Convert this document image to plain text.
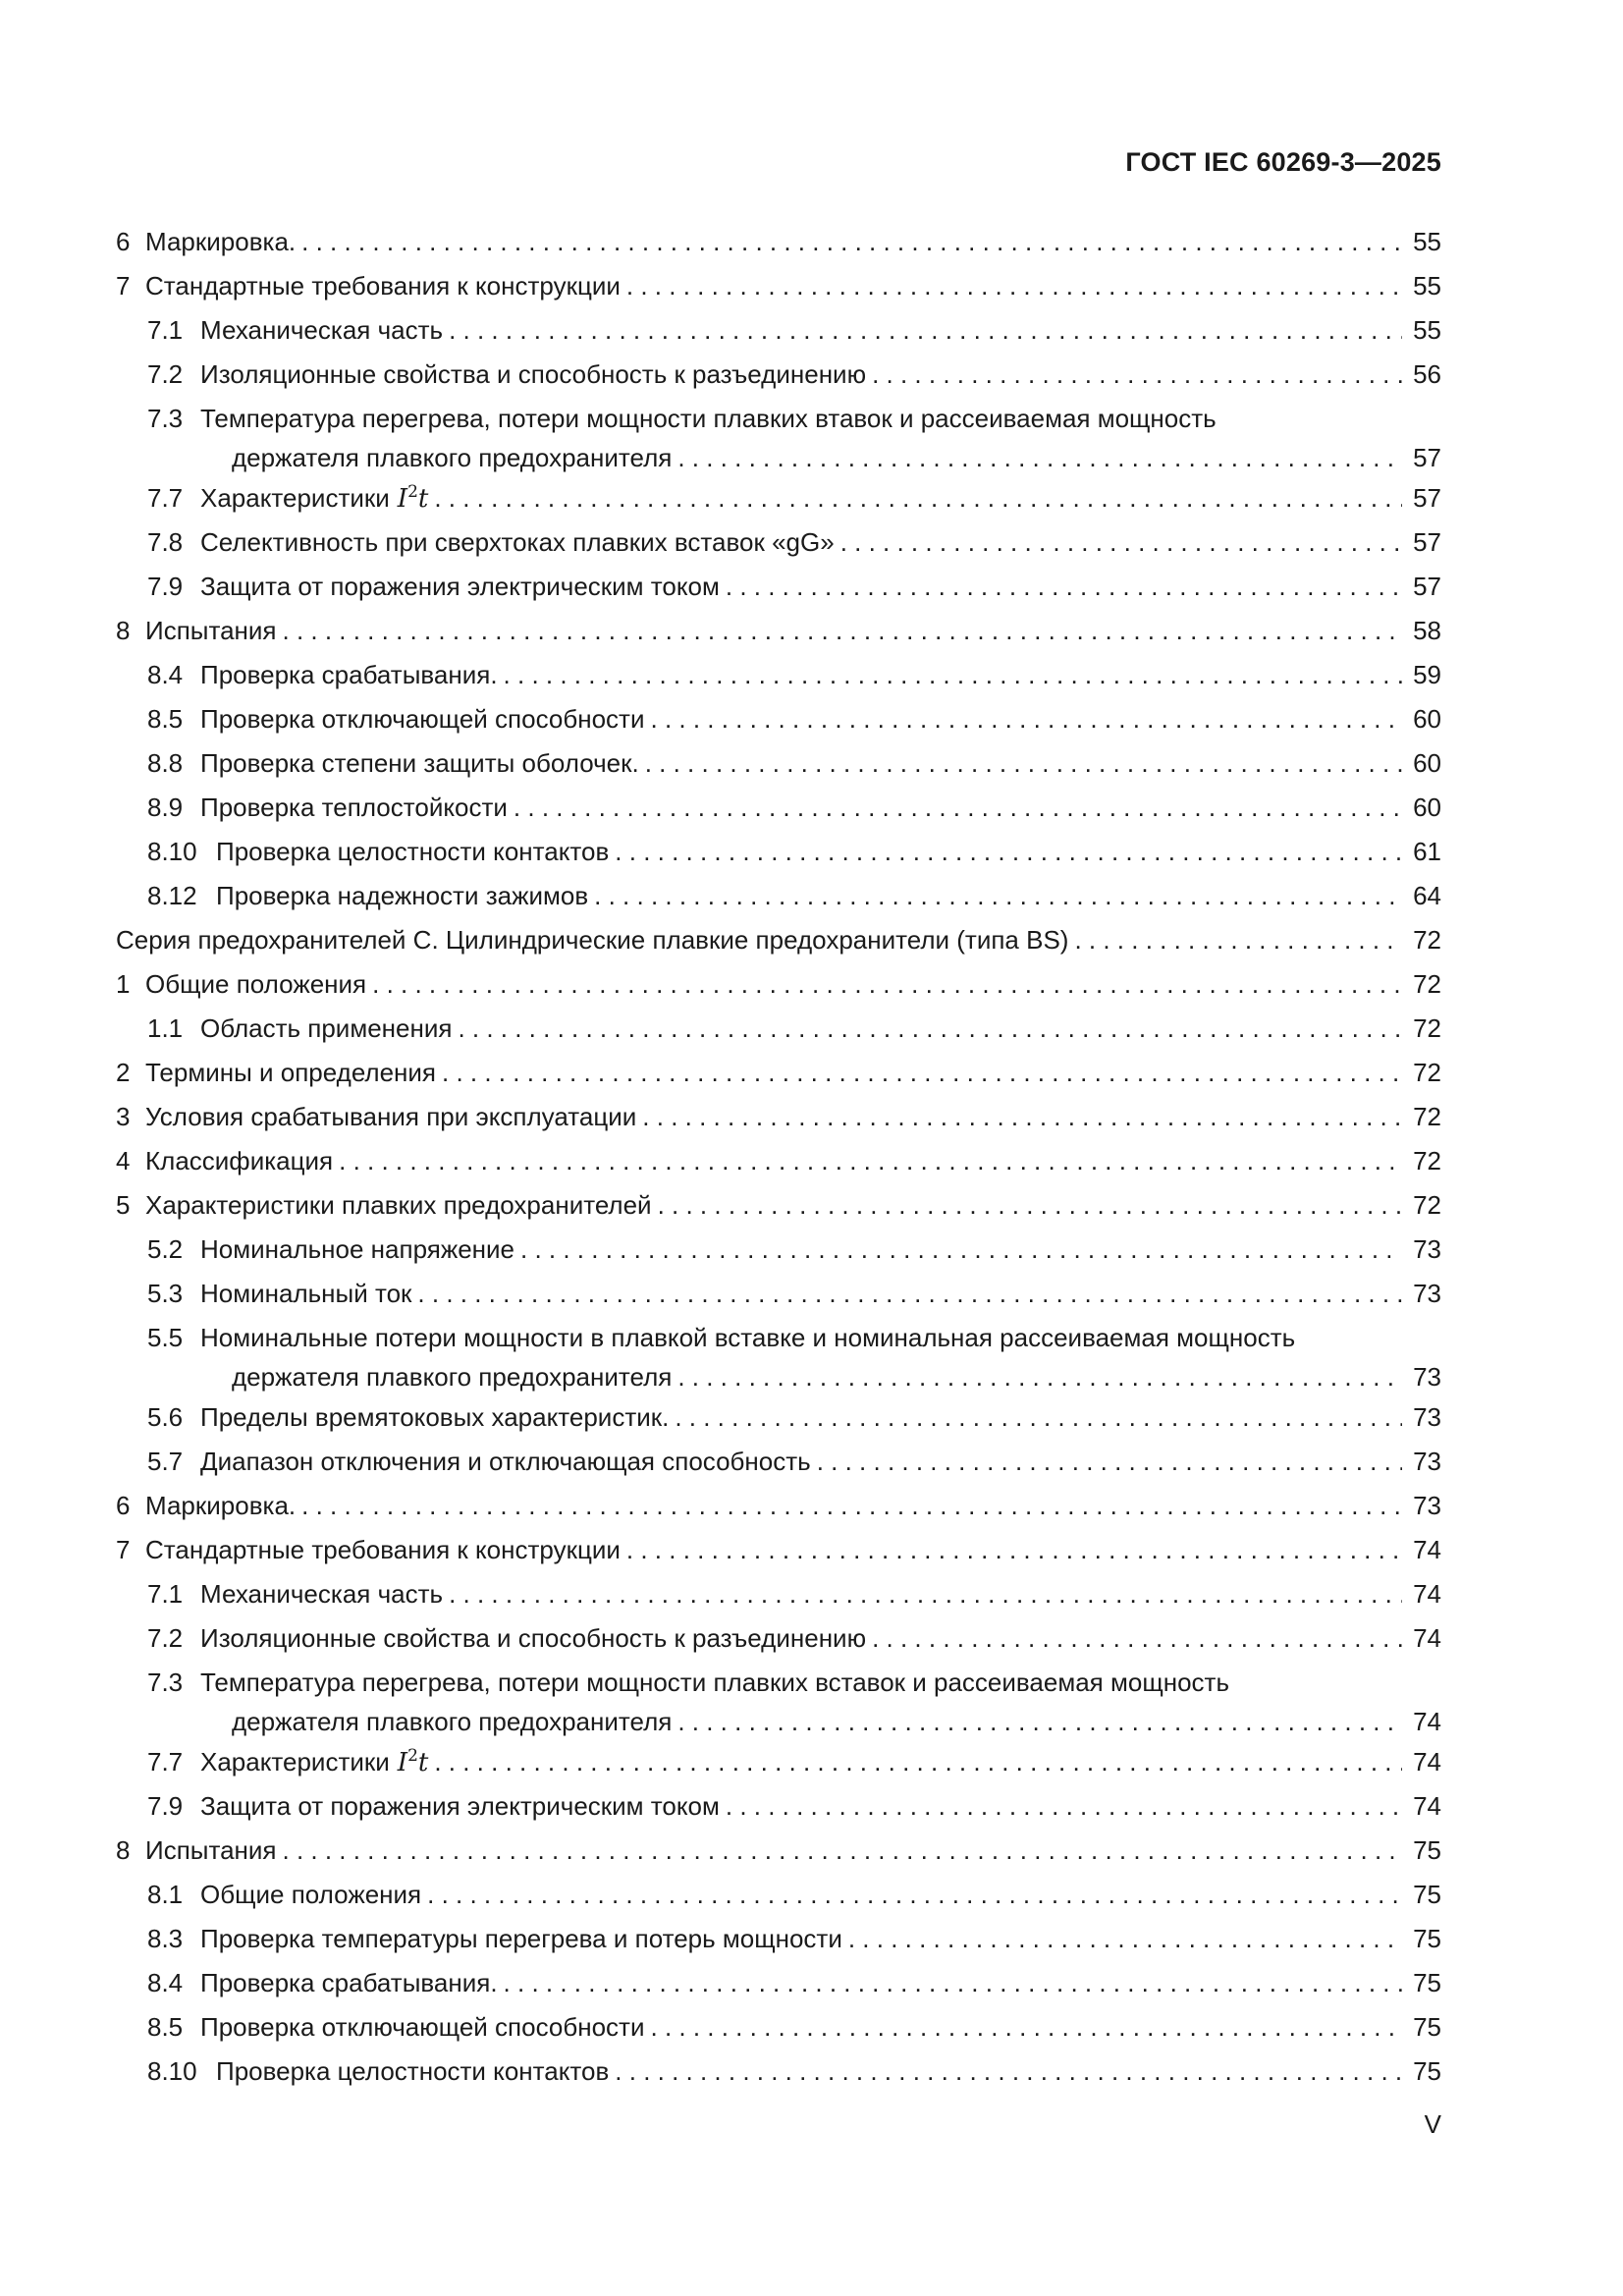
ГОСТ IEC 60269-3—2025
6 Маркировка. . . .	55
7 Стандартные требования к конструкции . . .	55
7.1 Механическая часть . . .	55
7.2 Изоляционные свойства и способность к разъединению . . .	56
7.3 Температура перегрева, потери мощности плавких втавок и рассеиваемая мощность
держателя плавкого предохранителя . . .	57
7.7 Характеристики $I^2t$ . . .	57
7.8 Селективность при сверхтоках плавких вставок «gG» . . .	57
7.9 Защита от поражения электрическим током . . .	57
8 Испытания . . .	58
8.4 Проверка срабатывания. . . .	59
8.5 Проверка отключающей способности . . .	60
8.8 Проверка степени защиты оболочек. . . .	60
8.9 Проверка теплостойкости . . .	60
8.10 Проверка целостности контактов . . .	61
8.12 Проверка надежности зажимов . . .	64
Серия предохранителей С. Цилиндрические плавкие предохранители (типа BS) . . .	72
1 Общие положения . . .	72
1.1 Область применения . . .	72
2 Термины и определения . . .	72
3 Условия срабатывания при эксплуатации . . .	72
4 Классификация . . .	72
5 Характеристики плавких предохранителей . . .	72
5.2 Номинальное напряжение . . .	73
5.3 Номинальный ток . . .	73
5.5 Номинальные потери мощности в плавкой вставке и номинальная рассеиваемая мощность
держателя плавкого предохранителя . . .	73
5.6 Пределы времятоковых характеристик. . . .	73
5.7 Диапазон отключения и отключающая способность . . .	73
6 Маркировка. . . .	73
7 Стандартные требования к конструкции . . .	74
7.1 Механическая часть . . .	74
7.2 Изоляционные свойства и способность к разъединению . . .	74
7.3 Температура перегрева, потери мощности плавких вставок и рассеиваемая мощность
держателя плавкого предохранителя . . .	74
7.7 Характеристики $I^2t$ . . .	74
7.9 Защита от поражения электрическим током . . .	74
8 Испытания . . .	75
8.1 Общие положения . . .	75
8.3 Проверка температуры перегрева и потерь мощности . . .	75
8.4 Проверка срабатывания. . . .	75
8.5 Проверка отключающей способности . . .	75
8.10 Проверка целостности контактов . . .	75
V
